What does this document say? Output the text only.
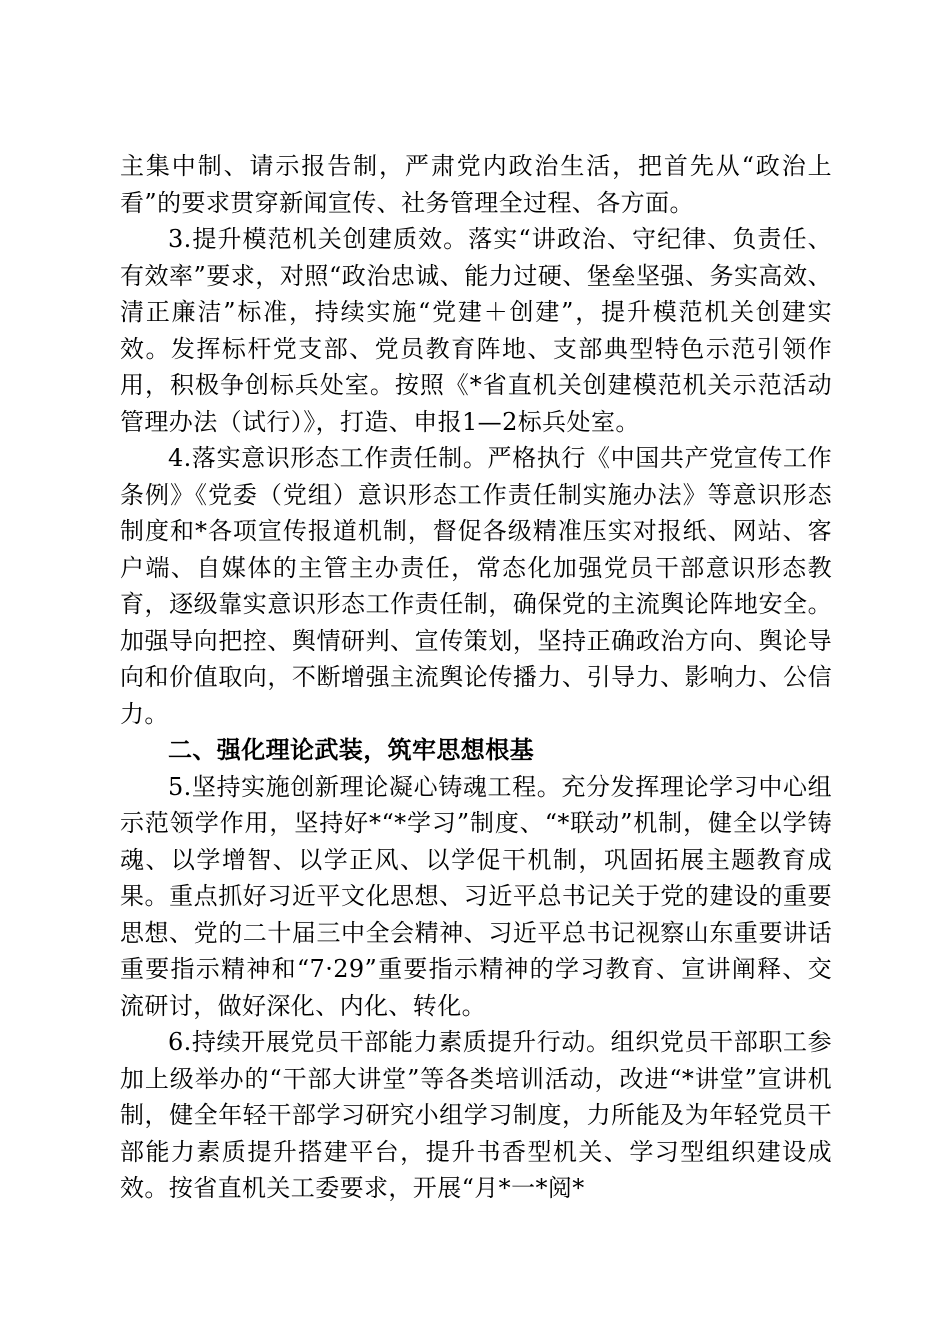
主集中制、请示报告制，严肃党内政治生活，把首先从“政治上看”的要求贯穿新闻宣传、社务管理全过程、各方面。

3.提升模范机关创建质效。落实“讲政治、守纪律、负责任、有效率”要求，对照“政治忠诚、能力过硬、堡垒坚强、务实高效、清正廉洁”标准，持续实施“党建＋创建”，提升模范机关创建实效。发挥标杆党支部、党员教育阵地、支部典型特色示范引领作用，积极争创标兵处室。按照《*省直机关创建模范机关示范活动管理办法（试行）》，打造、申报1—2标兵处室。

4.落实意识形态工作责任制。严格执行《中国共产党宣传工作条例》《党委（党组）意识形态工作责任制实施办法》等意识形态制度和*各项宣传报道机制，督促各级精准压实对报纸、网站、客户端、自媒体的主管主办责任，常态化加强党员干部意识形态教育，逐级靠实意识形态工作责任制，确保党的主流舆论阵地安全。加强导向把控、舆情研判、宣传策划，坚持正确政治方向、舆论导向和价值取向，不断增强主流舆论传播力、引导力、影响力、公信力。

二、强化理论武装，筑牢思想根基

5.坚持实施创新理论凝心铸魂工程。充分发挥理论学习中心组示范领学作用，坚持好*“*学习”制度、“*联动”机制，健全以学铸魂、以学增智、以学正风、以学促干机制，巩固拓展主题教育成果。重点抓好习近平文化思想、习近平总书记关于党的建设的重要思想、党的二十届三中全会精神、习近平总书记视察山东重要讲话重要指示精神和“7·29”重要指示精神的学习教育、宣讲阐释、交流研讨，做好深化、内化、转化。

6.持续开展党员干部能力素质提升行动。组织党员干部职工参加上级举办的“干部大讲堂”等各类培训活动，改进“*讲堂”宣讲机制，健全年轻干部学习研究小组学习制度，力所能及为年轻党员干部能力素质提升搭建平台，提升书香型机关、学习型组织建设成效。按省直机关工委要求，开展“月*一*阅*
